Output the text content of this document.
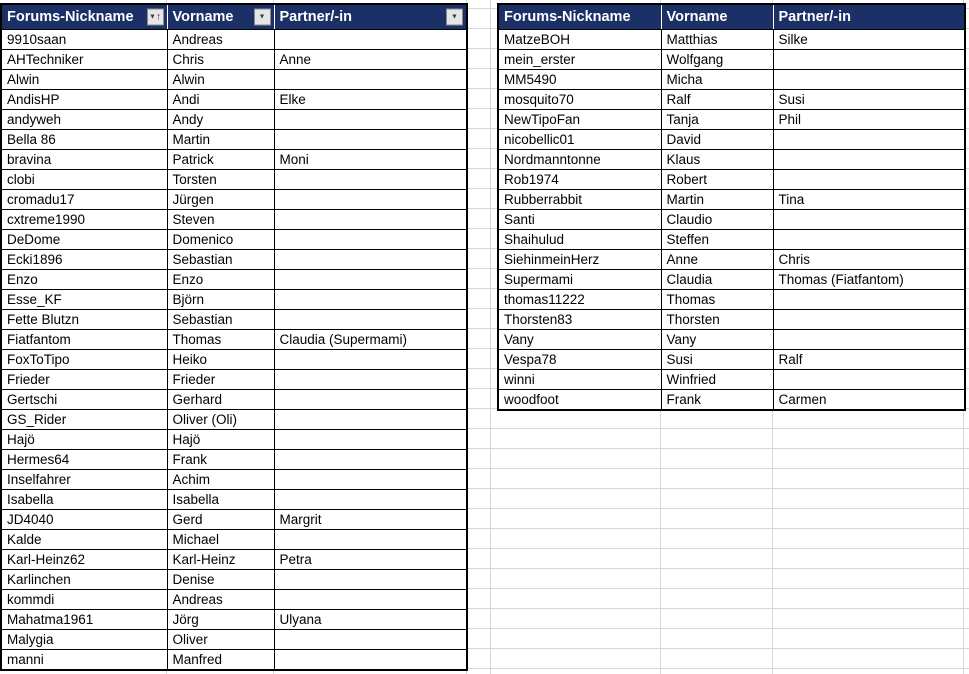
Forums-Nickname ▼ ↑	Vorname ▼	Partner/-in ▼

9910saan	Andreas	
AHTechniker	Chris	Anne
Alwin	Alwin	
AndisHP	Andi	Elke
andyweh	Andy	
Bella 86	Martin	
bravina	Patrick	Moni
clobi	Torsten	
cromadu17	Jürgen	
cxtreme1990	Steven	
DeDome	Domenico	
Ecki1896	Sebastian	
Enzo	Enzo	
Esse_KF	Björn	
Fette Blutzn	Sebastian	
Fiatfantom	Thomas	Claudia (Supermami)
FoxToTipo	Heiko	
Frieder	Frieder	
Gertschi	Gerhard	
GS_Rider	Oliver (Oli)	
Hajö	Hajö	
Hermes64	Frank	
Inselfahrer	Achim	
Isabella	Isabella	
JD4040	Gerd	Margrit
Kalde	Michael	
Karl-Heinz62	Karl-Heinz	Petra
Karlinchen	Denise	
kommdi	Andreas	
Mahatma1961	Jörg	Ulyana
Malygia	Oliver	
manni	Manfred	
Forums-Nickname	Vorname	Partner/-in
MatzeBOH	Matthias	Silke
mein_erster	Wolfgang	
MM5490	Micha	
mosquito70	Ralf	Susi
NewTipoFan	Tanja	Phil
nicobellic01	David	
Nordmanntonne	Klaus	
Rob1974	Robert	
Rubberrabbit	Martin	Tina
Santi	Claudio	
Shaihulud	Steffen	
SiehinmeinHerz	Anne	Chris
Supermami	Claudia	Thomas (Fiatfantom)
thomas11222	Thomas	
Thorsten83	Thorsten	
Vany	Vany	
Vespa78	Susi	Ralf
winni	Winfried	
woodfoot	Frank	Carmen
